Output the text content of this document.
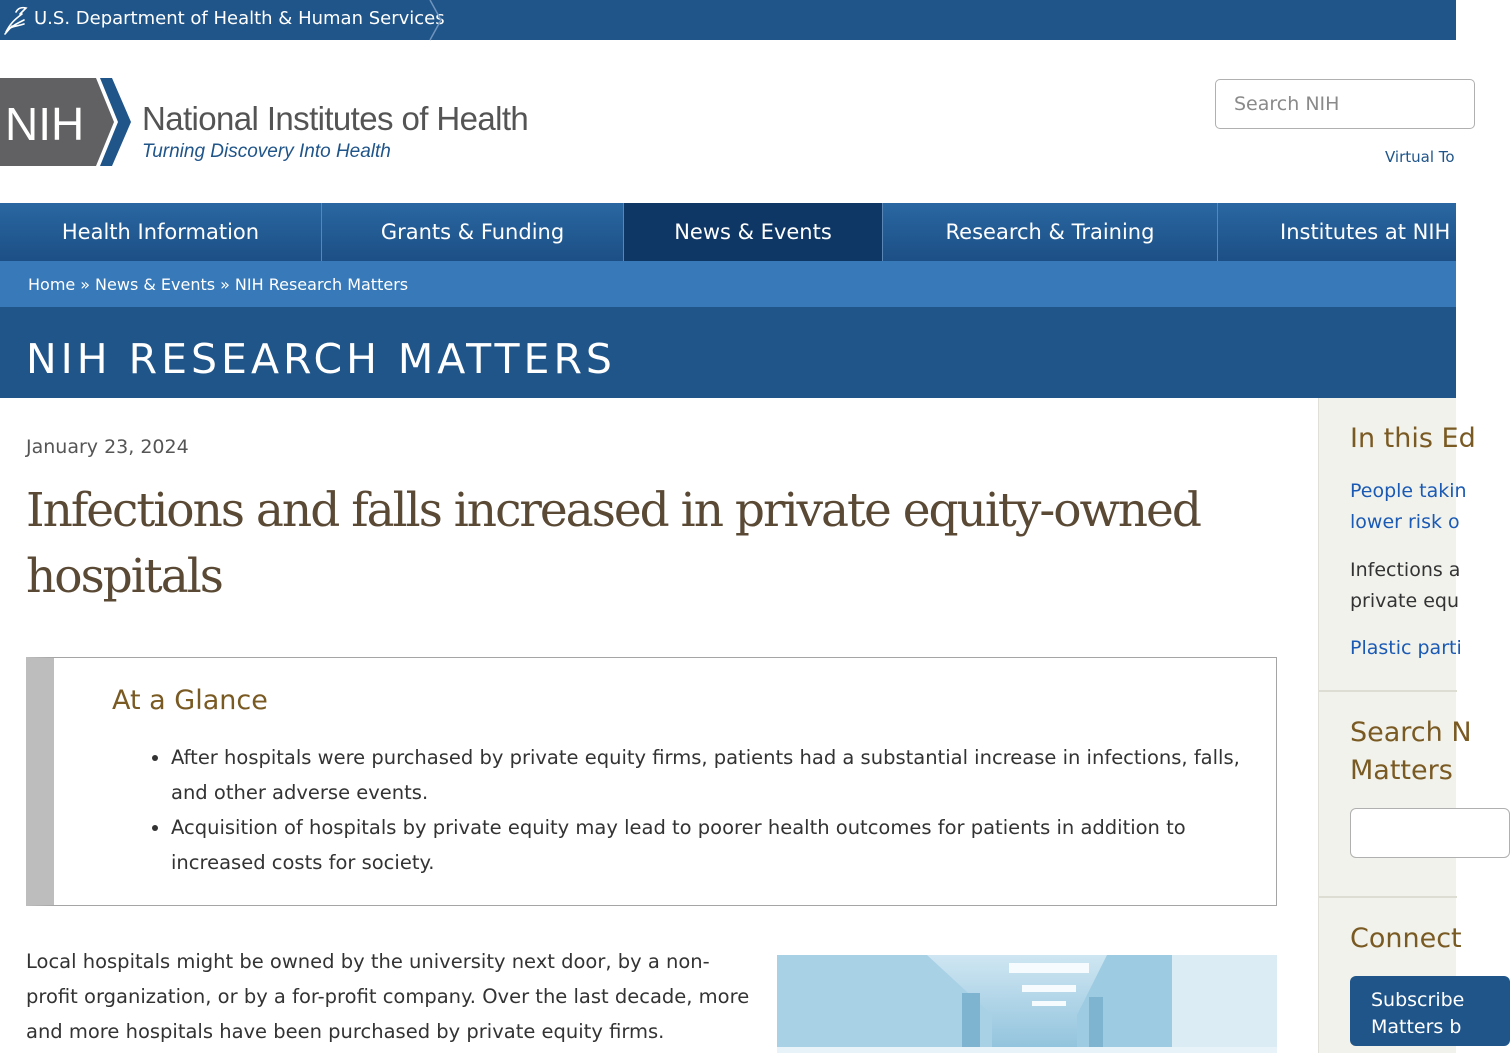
U.S. Department of Health & Human Services
NIH National Institutes of Health
Turning Discovery Into Health
Search NIH	Virtual To
Health Information	Grants & Funding	News & Events	Research & Training	Institutes at NIH
Home » News & Events » NIH Research Matters
NIH RESEARCH MATTERS
January 23, 2024
Infections and falls increased in private equity-owned hospitals
At a Glance
• After hospitals were purchased by private equity firms, patients had a substantial increase in infections, falls, and other adverse events.
• Acquisition of hospitals by private equity may lead to poorer health outcomes for patients in addition to increased costs for society.

Local hospitals might be owned by the university next door, by a non-profit organization, or by a for-profit company. Over the last decade, more and more hospitals have been purchased by private equity firms.

In this Ed
People takin
lower risk o
Infections a
private equ
Plastic parti
Search N
Matters
Connect
Subscribe
Matters b
